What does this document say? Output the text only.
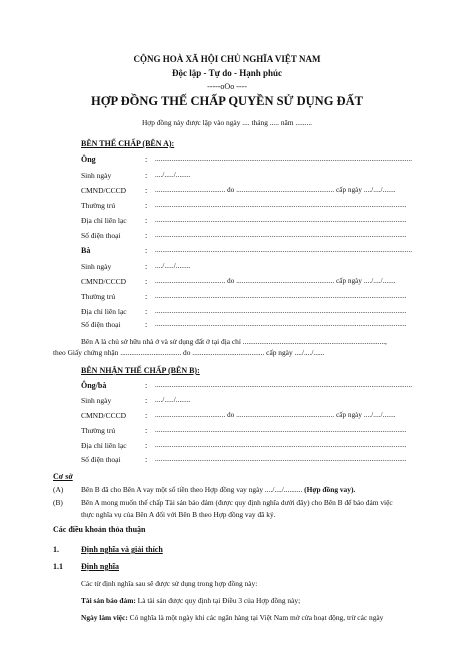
CỘNG HOÀ XÃ HỘI CHỦ NGHĨA VIỆT NAM
Độc lập - Tự do - Hạnh phúc
-----oOo ----
HỢP ĐỒNG THẾ CHẤP QUYỀN SỬ DỤNG ĐẤT
Hợp đồng này được lập vào ngày .... tháng ..... năm .........
BÊN THẾ CHẤP (BÊN A):
Ông	: ...........................................................................................................................................
Sinh ngày	: ..../...../........
CMND/CCCD : ...................................... do ..................................................... cấp ngày ..../..../.......
Thường trú	: ........................................................................................................................................
Địa chỉ liên lạc : ........................................................................................................................................
Số điện thoại	: ........................................................................................................................................
Bà	: ...........................................................................................................................................
Sinh ngày	: ..../...../........
CMND/CCCD : ...................................... do ..................................................... cấp ngày ..../..../.......
Thường trú	: ........................................................................................................................................
Địa chỉ liên lạc : ........................................................................................................................................
Số điện thoại	: ........................................................................................................................................
Bên A là chủ sở hữu nhà ở và sử dụng đất ở tại địa chỉ .............................................................................,
theo Giấy chứng nhận ................................. do ....................................... cấp ngày ..../..../......
BÊN NHẬN THẾ CHẤP (BÊN B):
Ông/bà	: ...........................................................................................................................................
Sinh ngày	: ..../...../........
CMND/CCCD : ...................................... do ..................................................... cấp ngày ..../..../.......
Thường trú	: ........................................................................................................................................
Địa chỉ liên lạc : ........................................................................................................................................
Số điện thoại	: ........................................................................................................................................
Cơ sở
(A) Bên B đã cho Bên A vay một số tiền theo Hợp đồng vay ngày ..../..../.......... (Hợp đồng vay).
(B) Bên A mong muốn thế chấp Tài sản bảo đảm (được quy định nghĩa dưới đây) cho Bên B để bảo đảm việc
thực nghĩa vụ của Bên A đối với Bên B theo Hợp đồng vay đã ký.
Các điều khoản thỏa thuận
1.	Định nghĩa và giải thích
1.1 Định nghĩa
Các từ định nghĩa sau sẽ được sử dụng trong hợp đồng này:
Tài sản bảo đảm: Là tài sản được quy định tại Điều 3 của Hợp đồng này;
Ngày làm việc: Có nghĩa là một ngày khi các ngân hàng tại Việt Nam mở cửa hoạt động, trừ các ngày
